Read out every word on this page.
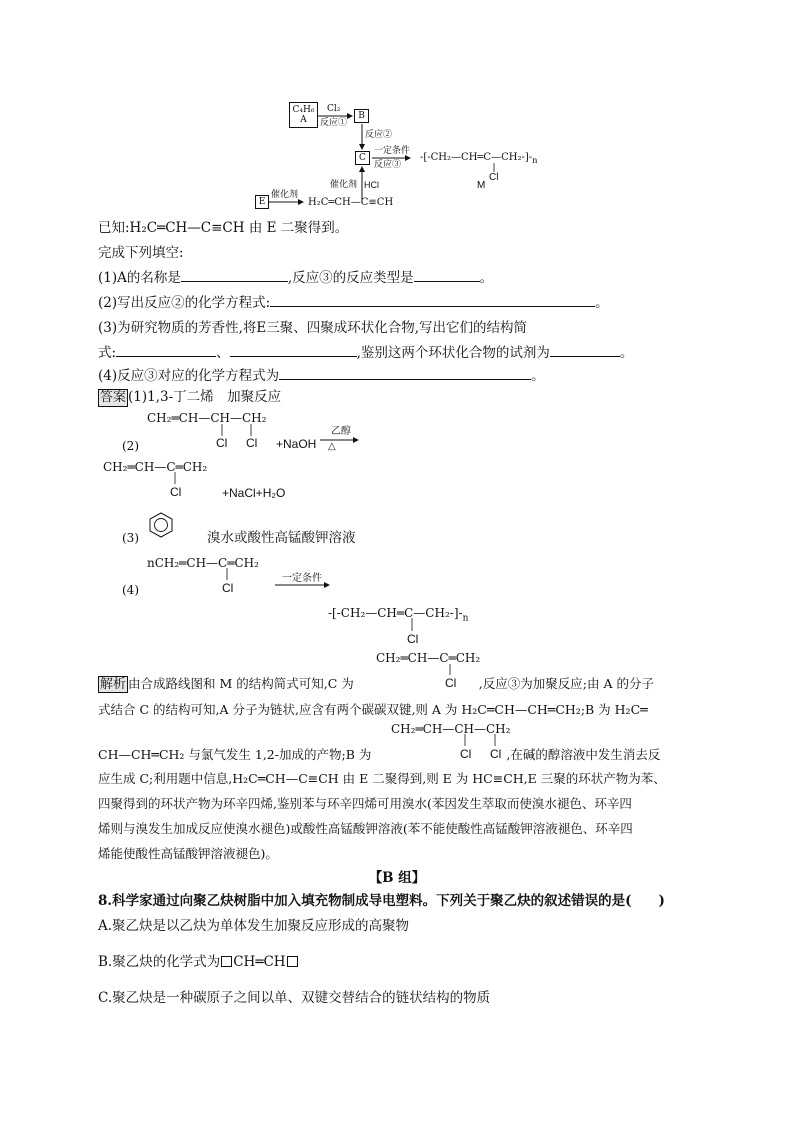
C₄H₆
A
Cl₂
反应①
B
反应②
C
一定条件
反应③
催化剂 HCl
E
催化剂
H₂C═CH—C≡CH
$-[-CH_2—CH═C—CH_2-]-_n$
Cl
M
已知:H₂C═CH—C≡CH 由 E 二聚得到。
完成下列填空:
(1)A的名称是	,反应③的反应类型是	。
(2)写出反应②的化学方程式:	。
(3)为研究物质的芳香性,将E三聚、四聚成环状化合物,写出它们的结构简
式:	、	,鉴别这两个环状化合物的试剂为	。
(4)反应③对应的化学方程式为	。
答案 (1)1,3-丁二烯　加聚反应
CH₂═CH—CH—CH₂
Cl Cl
(2)	+NaOH
乙醇
△
CH₂═CH—C═CH₂
Cl	+NaCl+H₂O
(3)	溴水或酸性高锰酸钾溶液
nCH₂═CH—C═CH₂
Cl
(4)
一定条件
$-[-CH_2—CH═C—CH_2-]-_n$
Cl
CH₂═CH—C═CH₂
Cl
解析 由合成路线图和 M 的结构简式可知,C 为	,反应③为加聚反应;由 A 的分子
式结合 C 的结构可知,A 分子为链状,应含有两个碳碳双键,则 A 为 H₂C═CH—CH═CH₂;B 为 H₂C═
CH₂═CH—CH—CH₂
Cl Cl
CH—CH═CH₂ 与氯气发生 1,2-加成的产物;B 为	,在碱的醇溶液中发生消去反
应生成 C;利用题中信息,H₂C═CH—C≡CH 由 E 二聚得到,则 E 为 HC≡CH,E 三聚的环状产物为苯、
四聚得到的环状产物为环辛四烯,鉴别苯与环辛四烯可用溴水(苯因发生萃取而使溴水褪色、环辛四
烯则与溴发生加成反应使溴水褪色)或酸性高锰酸钾溶液(苯不能使酸性高锰酸钾溶液褪色、环辛四
烯能使酸性高锰酸钾溶液褪色)。
【B 组】
8.科学家通过向聚乙炔树脂中加入填充物制成导电塑料。下列关于聚乙炔的叙述错误的是(　　)
A.聚乙炔是以乙炔为单体发生加聚反应形成的高聚物
B.聚乙炔的化学式为 CH═CH
C.聚乙炔是一种碳原子之间以单、双键交替结合的链状结构的物质
